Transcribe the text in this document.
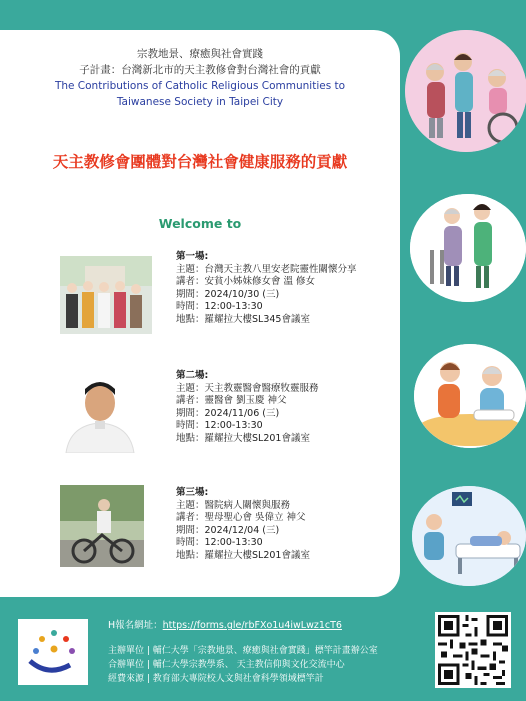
宗教地景、療癒與社會實踐
子計畫：台灣新北市的天主教修會對台灣社會的貢獻
The Contributions of Catholic Religious Communities to
Taiwanese Society in Taipei City
天主教修會團體對台灣社會健康服務的貢獻
Welcome to
第一場:
主題：台灣天主教八里安老院靈性關懷分享
講者：安貧小姊妹修女會 溫 修女
期間：2024/10/30 (三)
時間：12:00-13:30
地點：羅耀拉大樓SL345會議室
第二場:
主題：天主教靈醫會醫療牧靈服務
講者：靈醫會 劉玉慶 神父
期間：2024/11/06 (三)
時間：12:00-13:30
地點：羅耀拉大樓SL201會議室
第三場:
主題：醫院病人關懷與服務
講者：聖母聖心會 吳偉立 神父
期間：2024/12/04 (三)
時間：12:00-13:30
地點：羅耀拉大樓SL201會議室
H報名網址：https://forms.gle/rbFXo1u4iwLwz1cT6
主辦單位 | 輔仁大學「宗教地景、療癒與社會實踐」標竿計畫辦公室
合辦單位 | 輔仁大學宗教學系、 天主教信仰與文化交流中心
經費來源 | 教育部大專院校人文與社會科學領域標竿計
